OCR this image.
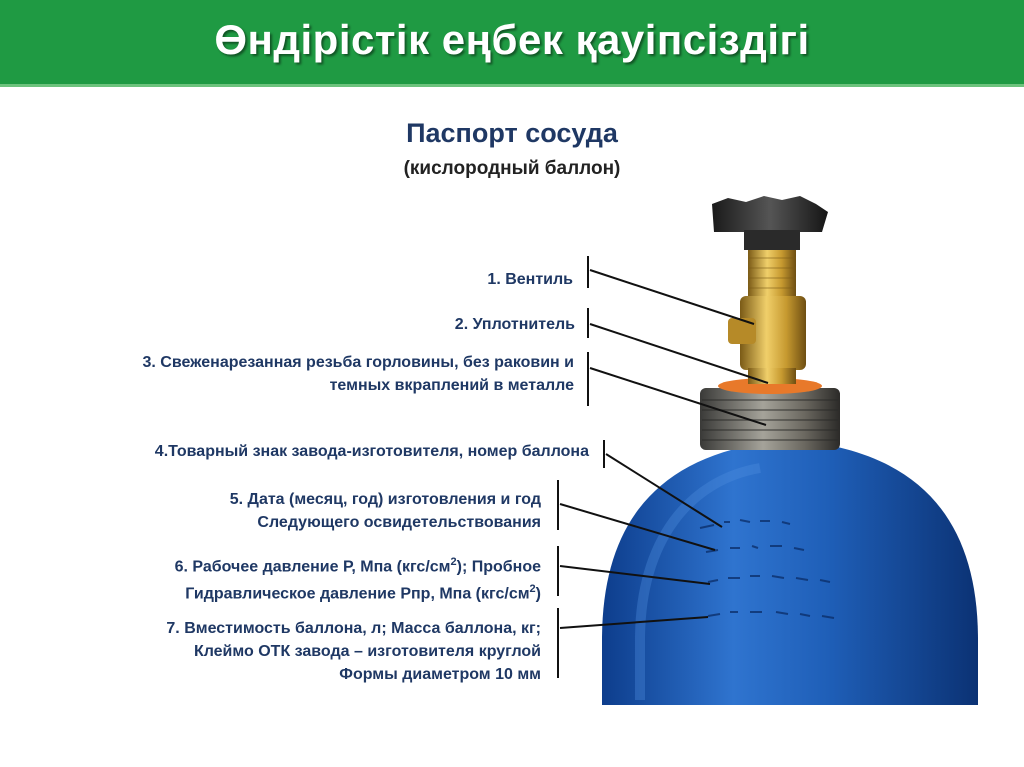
Өндірістік еңбек қауіпсіздігі
Паспорт сосуда
(кислородный баллон)
1. Вентиль
2. Уплотнитель
3. Свеженарезанная резьба горловины, без раковин и
темных вкраплений в металле
4.Товарный знак завода-изготовителя, номер баллона
5. Дата (месяц, год) изготовления и год
Следующего освидетельствования
6. Рабочее давление Р, Мпа $(кгс/см^2)$; Пробное
Гидравлическое давление Рпр, Мпа $(кгс/см^2)$
7. Вместимость баллона, л; Масса баллона, кг;
Клеймо ОТК завода – изготовителя круглой
Формы диаметром 10 мм
